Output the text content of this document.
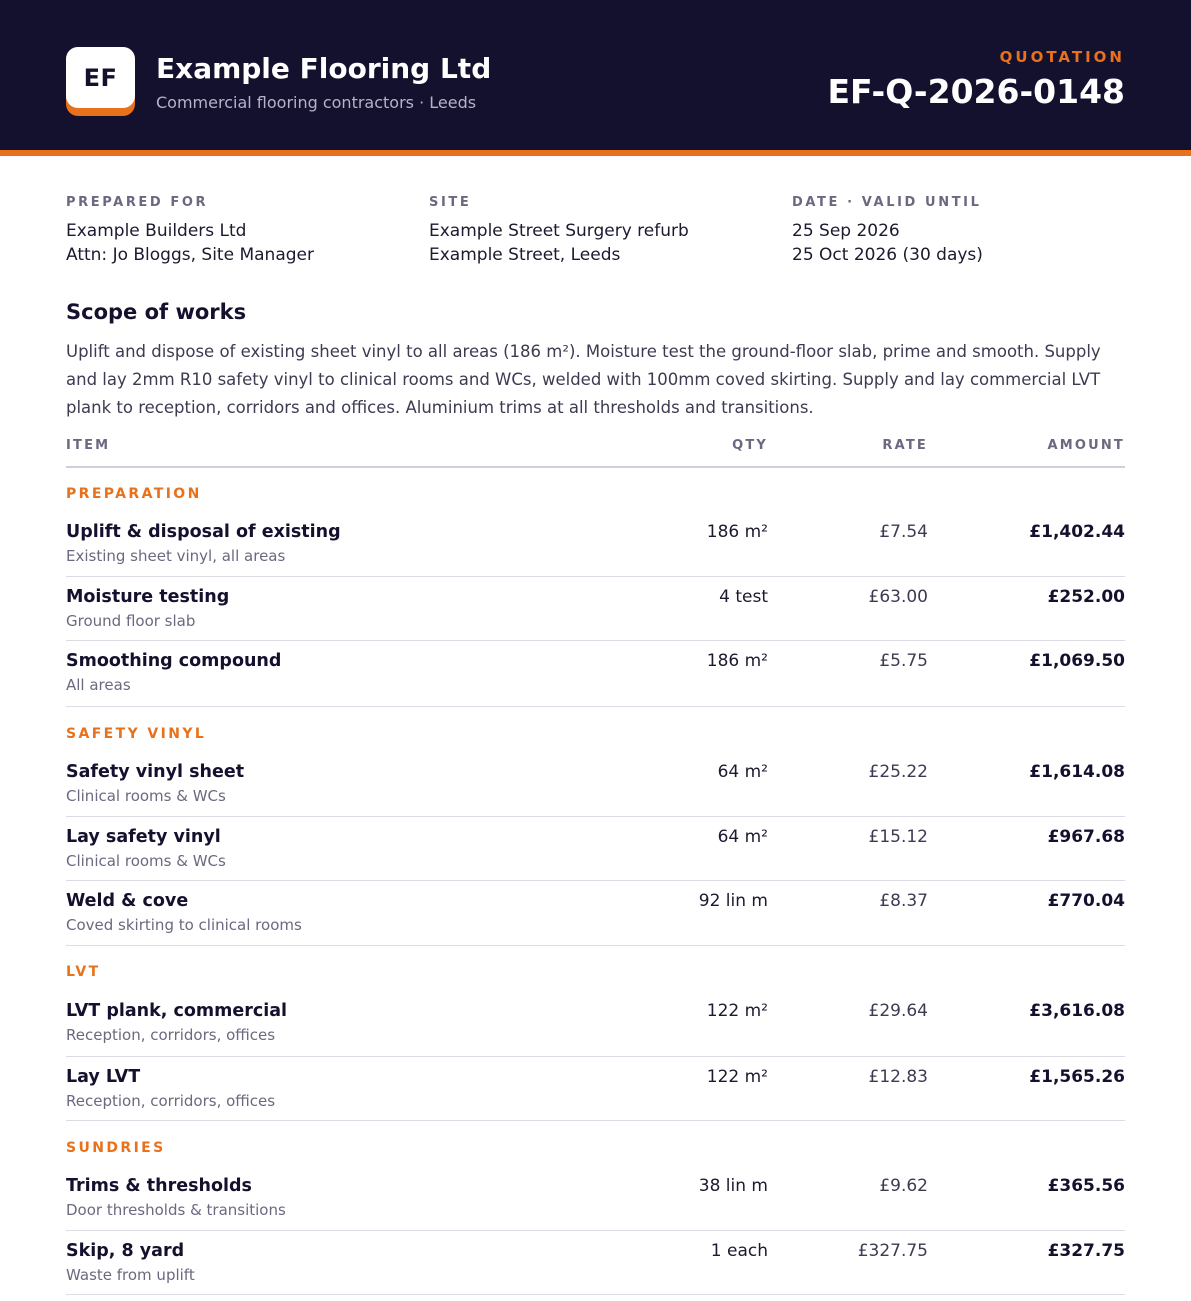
EF	Example Flooring Ltd
Commercial flooring contractors · Leeds
QUOTATION
EF-Q-2026-0148
PREPARED FOR
Example Builders Ltd
Attn: Jo Bloggs, Site Manager
SITE
Example Street Surgery refurb
Example Street, Leeds
DATE · VALID UNTIL
25 Sep 2026
25 Oct 2026 (30 days)
Scope of works
Uplift and dispose of existing sheet vinyl to all areas (186 m²). Moisture test the ground-floor slab, prime and smooth. Supply and lay 2mm R10 safety vinyl to clinical rooms and WCs, welded with 100mm coved skirting. Supply and lay commercial LVT plank to reception, corridors and offices. Aluminium trims at all thresholds and transitions.
ITEM	QTY	RATE	AMOUNT
PREPARATION
Uplift & disposal of existing
Existing sheet vinyl, all areas
186 m²	£7.54	£1,402.44
Moisture testing
Ground floor slab
4 test	£63.00	£252.00
Smoothing compound
All areas
186 m²	£5.75	£1,069.50
SAFETY VINYL
Safety vinyl sheet
Clinical rooms & WCs
64 m²	£25.22	£1,614.08
Lay safety vinyl
Clinical rooms & WCs
64 m²	£15.12	£967.68
Weld & cove
Coved skirting to clinical rooms
92 lin m	£8.37	£770.04
LVT
LVT plank, commercial
Reception, corridors, offices
122 m²	£29.64	£3,616.08
Lay LVT
Reception, corridors, offices
122 m²	£12.83	£1,565.26
SUNDRIES
Trims & thresholds
Door thresholds & transitions
38 lin m	£9.62	£365.56
Skip, 8 yard
Waste from uplift
1 each	£327.75	£327.75
